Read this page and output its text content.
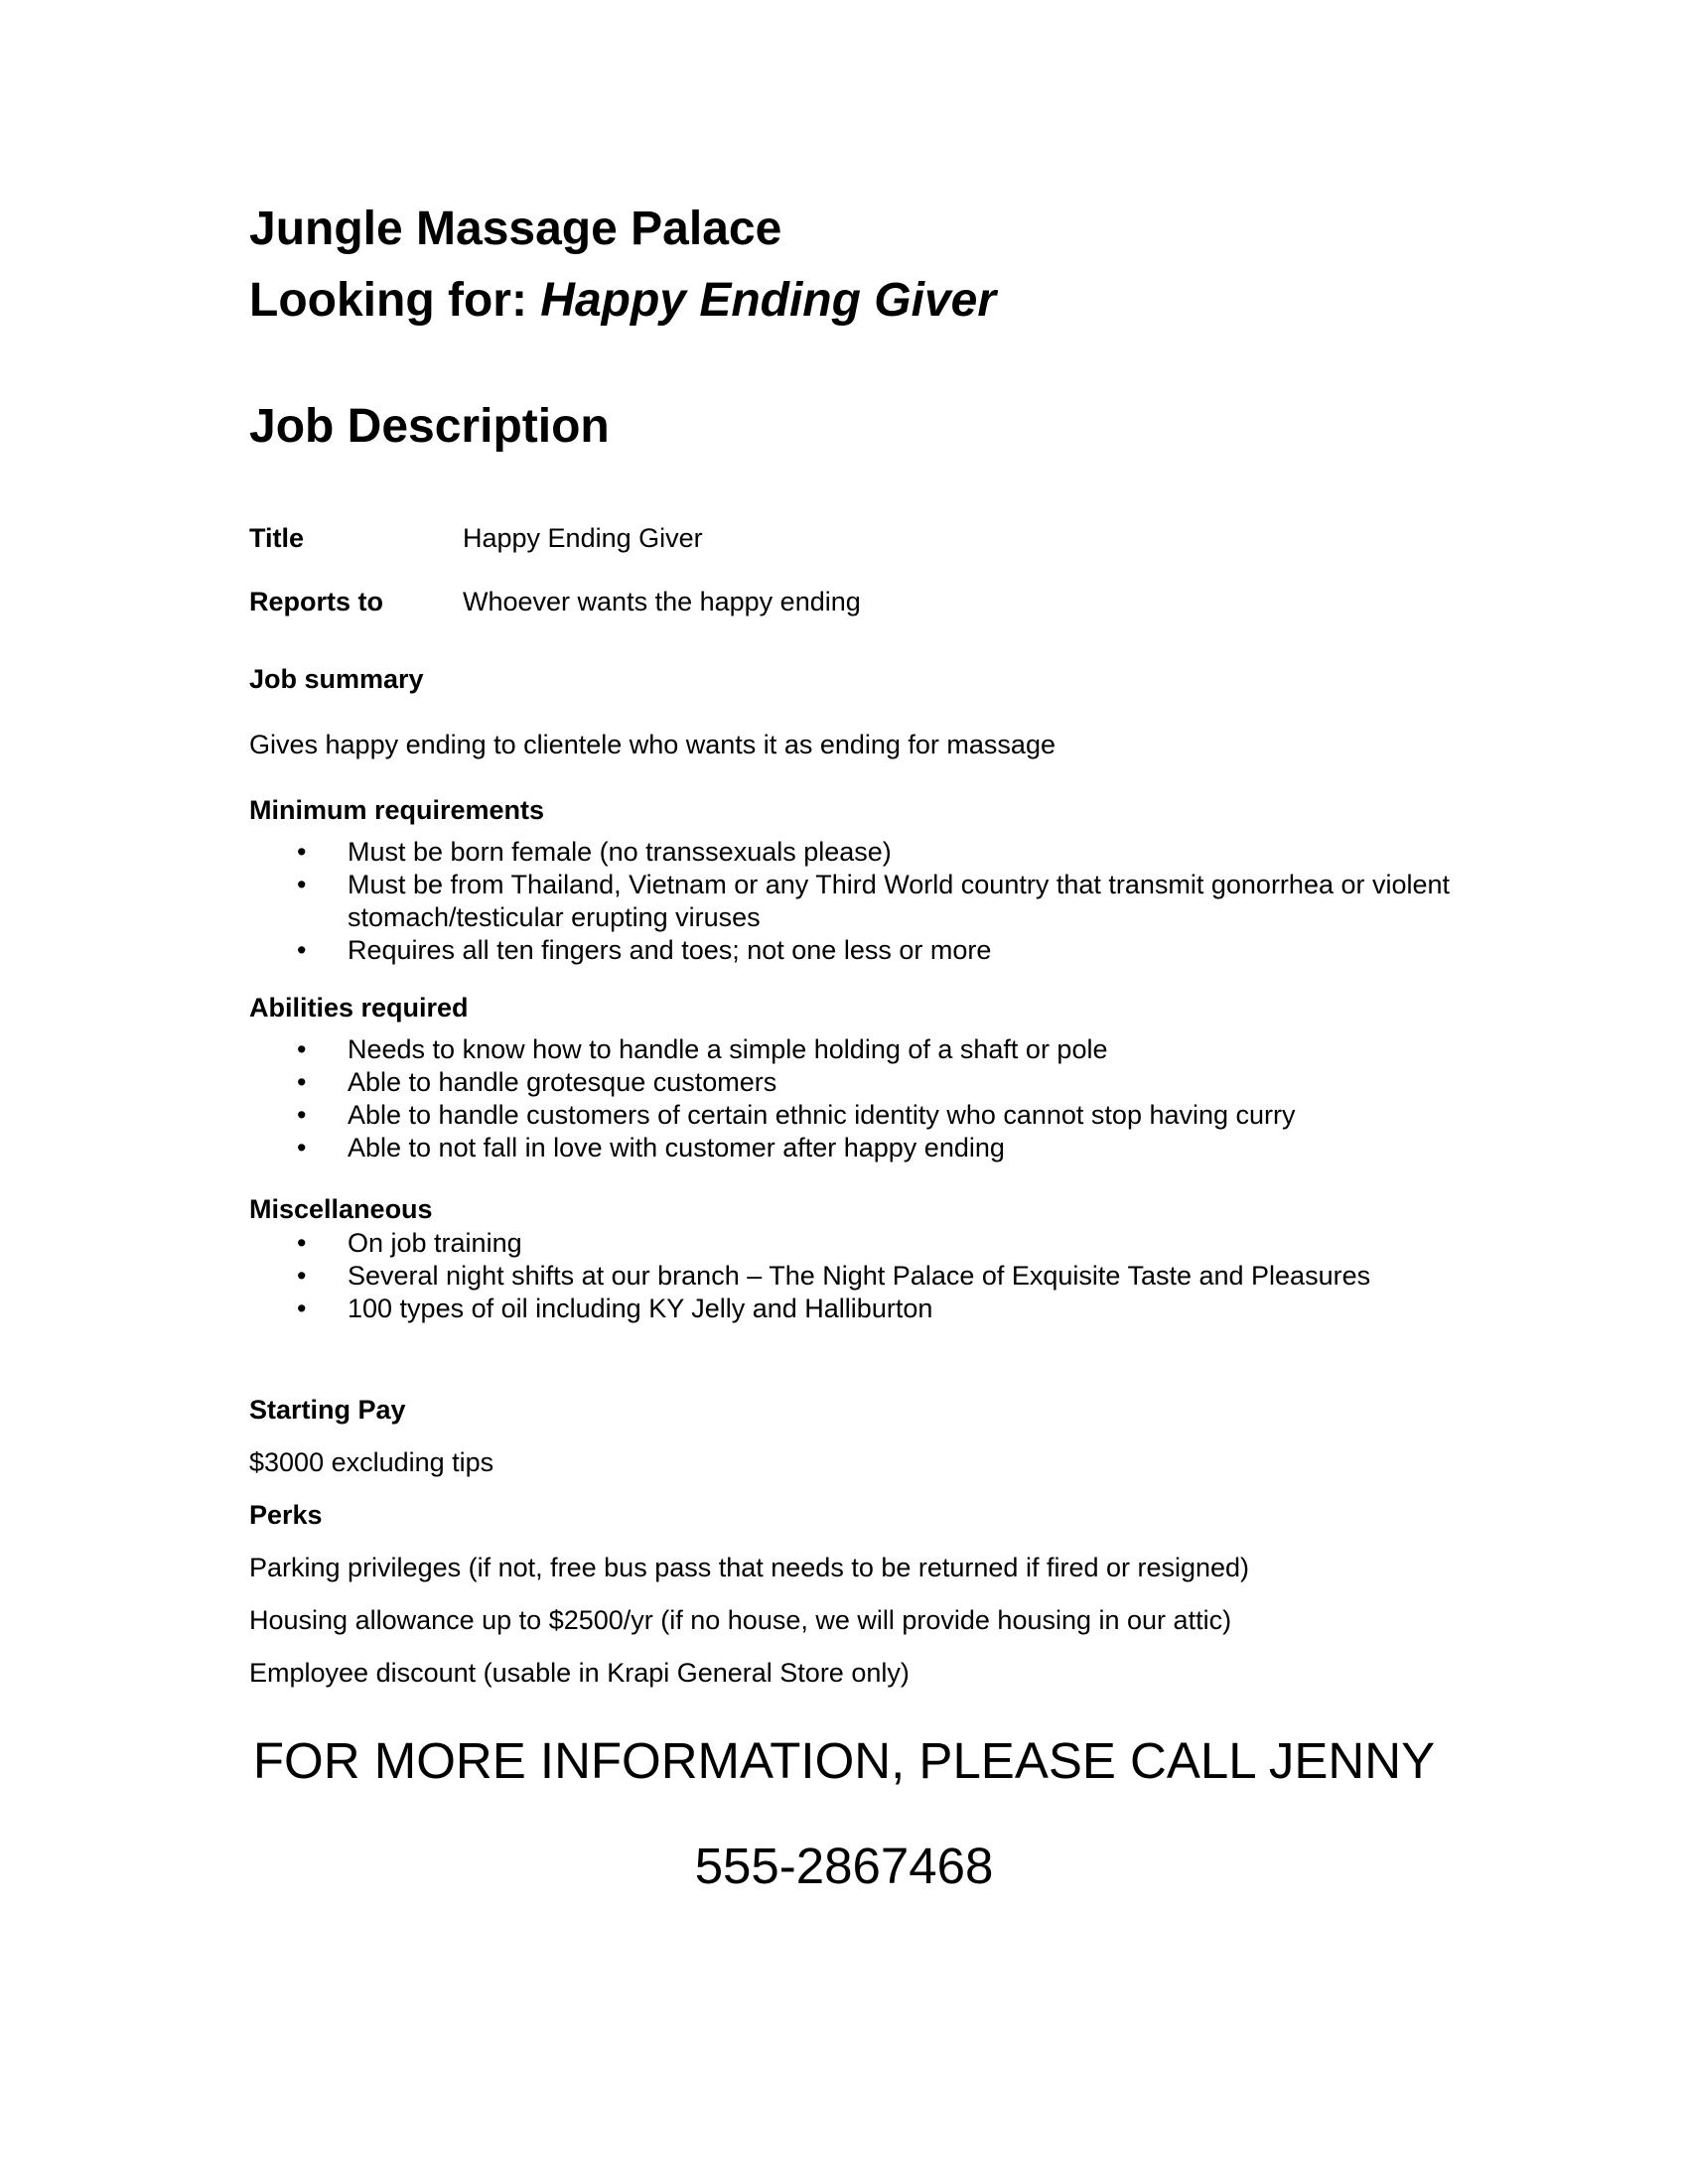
Jungle Massage Palace
Looking for: Happy Ending Giver
Job Description
Title	Happy Ending Giver
Reports to	Whoever wants the happy ending
Job summary
Gives happy ending to clientele who wants it as ending for massage
Minimum requirements
• Must be born female (no transsexuals please)
• Must be from Thailand, Vietnam or any Third World country that transmit gonorrhea or violent stomach/testicular erupting viruses
• Requires all ten fingers and toes; not one less or more
Abilities required
• Needs to know how to handle a simple holding of a shaft or pole
• Able to handle grotesque customers
• Able to handle customers of certain ethnic identity who cannot stop having curry
• Able to not fall in love with customer after happy ending
Miscellaneous
• On job training
• Several night shifts at our branch – The Night Palace of Exquisite Taste and Pleasures
• 100 types of oil including KY Jelly and Halliburton
Starting Pay
$3000 excluding tips
Perks
Parking privileges (if not, free bus pass that needs to be returned if fired or resigned)
Housing allowance up to $2500/yr (if no house, we will provide housing in our attic)
Employee discount (usable in Krapi General Store only)
FOR MORE INFORMATION, PLEASE CALL JENNY
555-2867468
